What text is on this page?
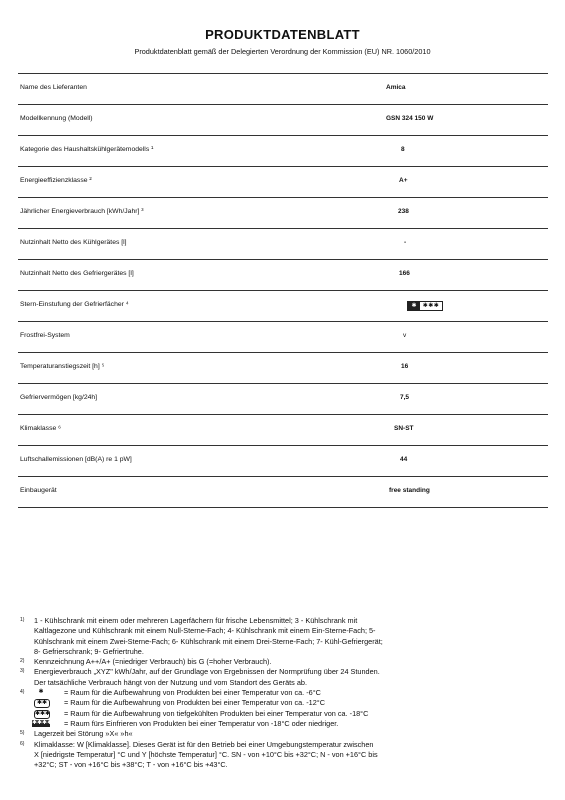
PRODUKTDATENBLATT
Produktdatenblatt gemäß der Delegierten Verordnung der Kommission (EU) NR. 1060/2010
Name des Lieferanten	Amica
Modellkennung (Modell)	GSN 324 150 W
Kategorie des Haushaltskühlgerätemodells ¹	8
Energieeffizienzklasse ²	A+
Jährlicher Energieverbrauch [kWh/Jahr] ³	238
Nutzinhalt Netto des Kühlgerätes [l]	-
Nutzinhalt Netto des Gefriergerätes [l]	166
Stern-Einstufung der Gefrierfächer ⁴	✱	✱✱✱
Frostfrei-System	v
Temperaturanstiegszeit [h] ⁵	16
Gefriervermögen [kg/24h]	7,5
Klimaklasse ⁶	SN-ST
Luftschallemissionen [dB(A) re 1 pW]	44
Einbaugerät	free standing
1) 1 - Kühlschrank mit einem oder mehreren Lagerfächern für frische Lebensmittel; 3 - Kühlschrank mit
Kaltlagezone und Kühlschrank mit einem Null-Sterne-Fach; 4- Kühlschrank mit einem Ein-Sterne-Fach; 5-
Kühlschrank mit einem Zwei-Sterne-Fach; 6- Kühlschrank mit einem Drei-Sterne-Fach; 7- Kühl-Gefriergerät;
8- Gefrierschrank; 9- Gefriertruhe.
2) Kennzeichnung A++/A+ (=niedriger Verbrauch) bis G (=hoher Verbrauch).
3) Energieverbrauch „XYZ" kWh/Jahr, auf der Grundlage von Ergebnissen der Normprüfung über 24 Stunden.
Der tatsächliche Verbrauch hängt von der Nutzung und vom Standort des Geräts ab.
4)	✱	= Raum für die Aufbewahrung von Produkten bei einer Temperatur von ca. -6°C
✱✱	= Raum für die Aufbewahrung von Produkten bei einer Temperatur von ca. -12°C
✱✱✱ = Raum für die Aufbewahrung von tiefgekühlten Produkten bei einer Temperatur von ca. -18°C
✱✱✱✱ = Raum fürs Einfrieren von Produkten bei einer Temperatur von -18°C oder niedriger.
5) Lagerzeit bei Störung »X« »h«
6) Klimaklasse: W [Klimaklasse]. Dieses Gerät ist für den Betrieb bei einer Umgebungstemperatur zwischen
X [niedrigste Temperatur] °C und Y [höchste Temperatur] °C. SN - von +10°C bis +32°C; N - von +16°C bis
+32°C; ST - von +16°C bis +38°C; T - von +16°C bis +43°C.
